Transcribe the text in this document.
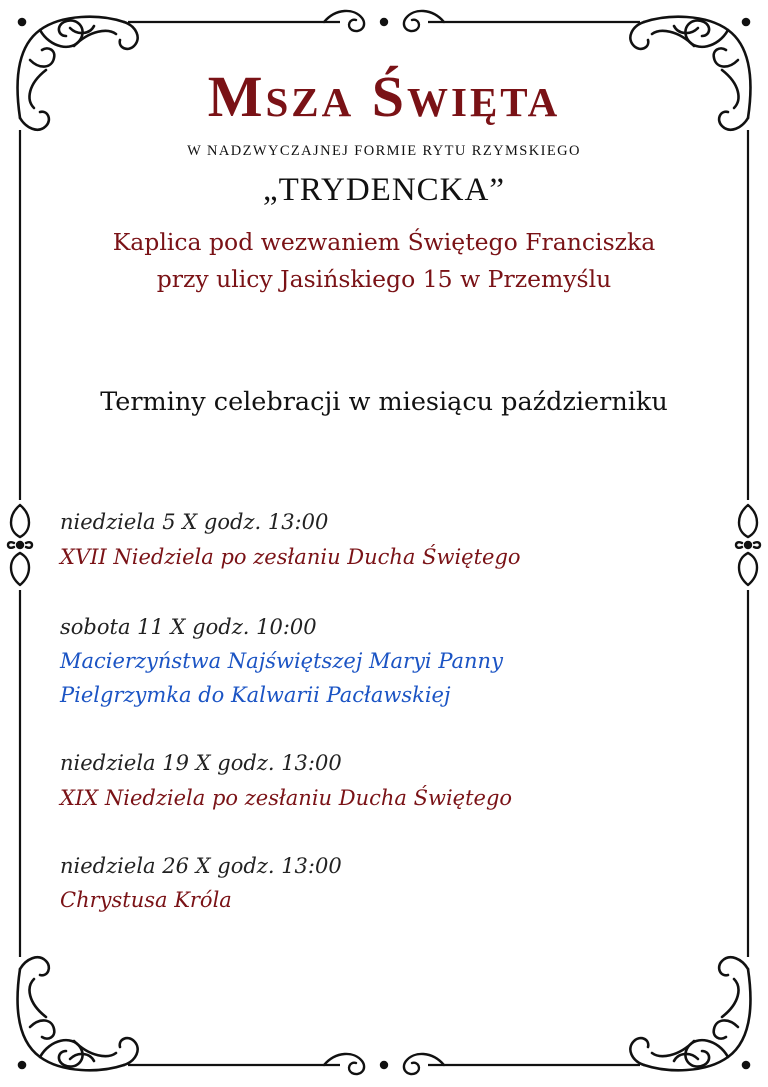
Msza Święta
W NADZWYCZAJNEJ FORMIE RYTU RZYMSKIEGO
„TRYDENCKA”
Kaplica pod wezwaniem Świętego Franciszka
przy ulicy Jasińskiego 15 w Przemyślu
Terminy celebracji w miesiącu październiku
niedziela 5 X godz. 13:00
XVII Niedziela po zesłaniu Ducha Świętego
sobota 11 X godz. 10:00
Macierzyństwa Najświętszej Maryi Panny
Pielgrzymka do Kalwarii Pacławskiej
niedziela 19 X godz. 13:00
XIX Niedziela po zesłaniu Ducha Świętego
niedziela 26 X godz. 13:00
Chrystusa Króla
